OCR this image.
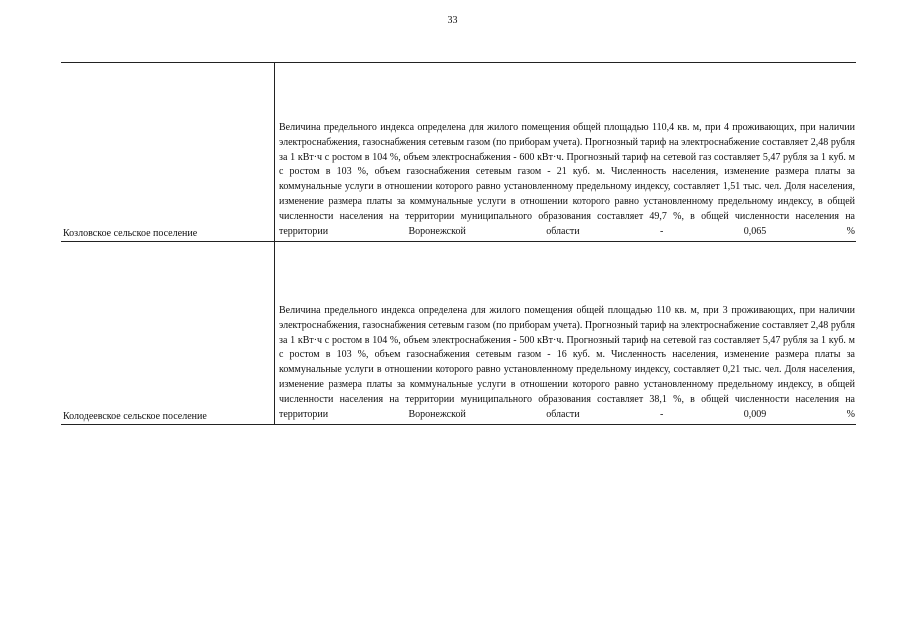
33
Козловское сельское поселение
Величина предельного индекса определена для жилого помещения общей площадью 110,4 кв. м, при 4 проживающих, при наличии электроснабжения, газоснабжения сетевым газом (по приборам учета). Прогнозный тариф на электроснабжение составляет 2,48 рубля за 1 кВт·ч с ростом в 104 %, объем электроснабжения - 600 кВт·ч. Прогнозный тариф на сетевой газ составляет 5,47 рубля за 1 куб. м с ростом в 103 %, объем газоснабжения сетевым газом - 21 куб. м. Численность населения, изменение размера платы за коммунальные услуги в отношении которого равно установленному предельному индексу, составляет 1,51 тыс. чел. Доля населения, изменение размера платы за коммунальные услуги в отношении которого равно установленному предельному индексу, в общей численности населения на территории муниципального образования составляет 49,7 %, в общей численности населения на территории Воронежской области - 0,065 %
Колодеевское сельское поселение
Величина предельного индекса определена для жилого помещения общей площадью 110 кв. м, при 3 проживающих, при наличии электроснабжения, газоснабжения сетевым газом (по приборам учета). Прогнозный тариф на электроснабжение составляет 2,48 рубля за 1 кВт·ч с ростом в 104 %, объем электроснабжения - 500 кВт·ч. Прогнозный тариф на сетевой газ составляет 5,47 рубля за 1 куб. м с ростом в 103 %, объем газоснабжения сетевым газом - 16 куб. м. Численность населения, изменение размера платы за коммунальные услуги в отношении которого равно установленному предельному индексу, составляет 0,21 тыс. чел. Доля населения, изменение размера платы за коммунальные услуги в отношении которого равно установленному предельному индексу, в общей численности населения на территории муниципального образования составляет 38,1 %, в общей численности населения на территории Воронежской области - 0,009 %
